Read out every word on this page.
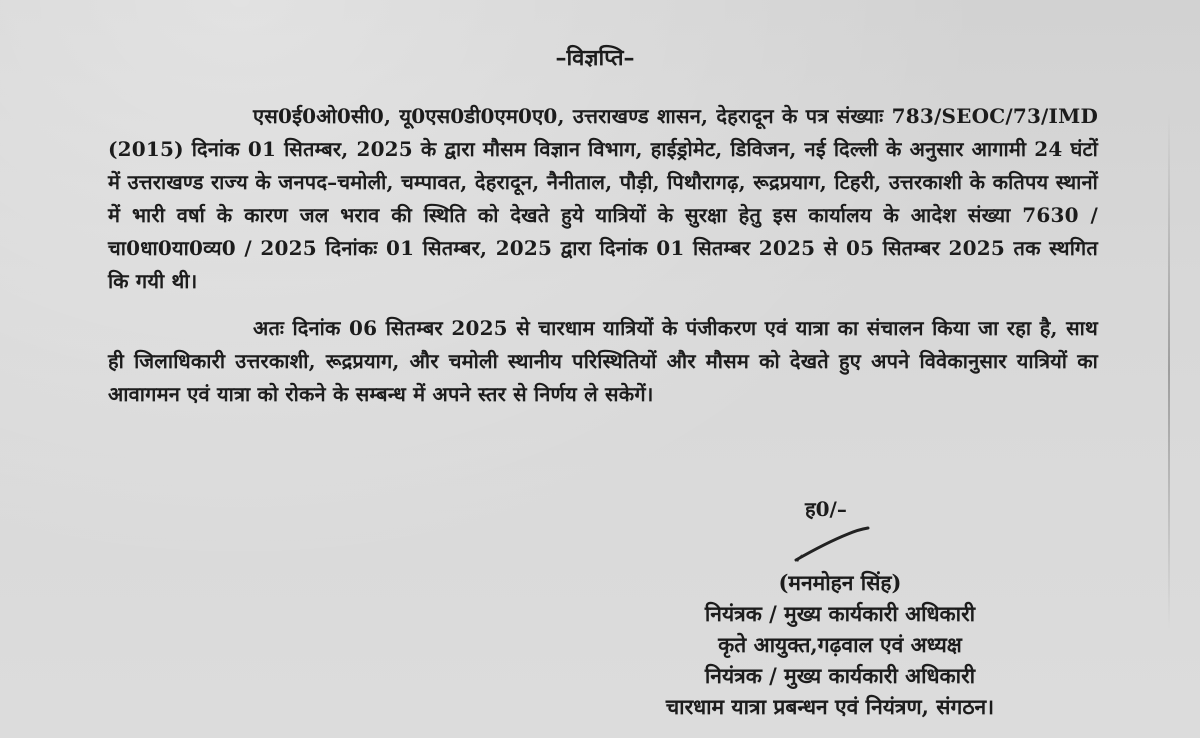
–विज्ञप्ति–

एस0ई0ओ0सी0, यू0एस0डी0एम0ए0, उत्तराखण्ड शासन, देहरादून के पत्र संख्याः 783/SEOC/73/IMD (2015) दिनांक 01 सितम्बर, 2025 के द्वारा मौसम विज्ञान विभाग, हाईड्रोमेट, डिविजन, नई दिल्ली के अनुसार आगामी 24 घंटों में उत्तराखण्ड राज्य के जनपद–चमोली, चम्पावत, देहरादून, नैनीताल, पौड़ी, पिथौरागढ़, रूद्रप्रयाग, टिहरी, उत्तरकाशी के कतिपय स्थानों में भारी वर्षा के कारण जल भराव की स्थिति को देखते हुये यात्रियों के सुरक्षा हेतु इस कार्यालय के आदेश संख्या 7630 / चा0धा0या0व्य0 / 2025 दिनांकः 01 सितम्बर, 2025 द्वारा दिनांक 01 सितम्बर 2025 से 05 सितम्बर 2025 तक स्थगित कि गयी थी।

अतः दिनांक 06 सितम्बर 2025 से चारधाम यात्रियों के पंजीकरण एवं यात्रा का संचालन किया जा रहा है, साथ ही जिलाधिकारी उत्तरकाशी, रूद्रप्रयाग, और चमोली स्थानीय परिस्थितियों और मौसम को देखते हुए अपने विवेकानुसार यात्रियों का आवागमन एवं यात्रा को रोकने के सम्बन्ध में अपने स्तर से निर्णय ले सकेगें।

ह0/–
(मनमोहन सिंह)
नियंत्रक / मुख्य कार्यकारी अधिकारी
कृते आयुक्त,गढ़वाल एवं अध्यक्ष
नियंत्रक / मुख्य कार्यकारी अधिकारी
चारधाम यात्रा प्रबन्धन एवं नियंत्रण, संगठन।
